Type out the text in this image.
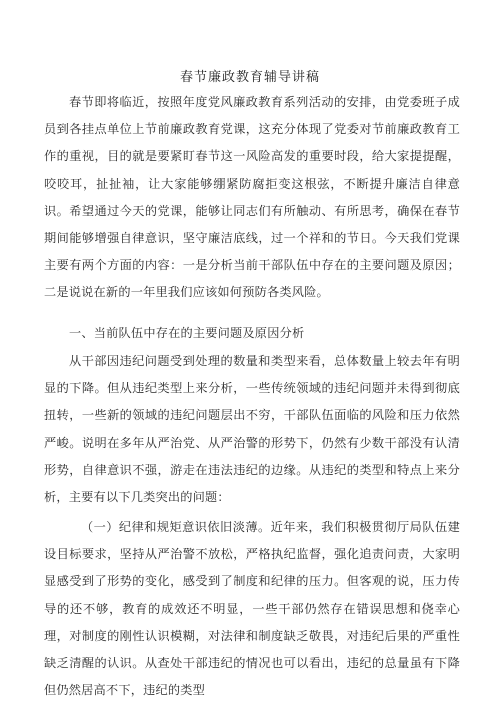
春节廉政教育辅导讲稿
春节即将临近，按照年度党风廉政教育系列活动的安排，由党委班子成员到各挂点单位上节前廉政教育党课，这充分体现了党委对节前廉政教育工作的重视，目的就是要紧盯春节这一风险高发的重要时段，给大家提提醒，咬咬耳，扯扯袖，让大家能够绷紧防腐拒变这根弦，不断提升廉洁自律意识。希望通过今天的党课，能够让同志们有所触动、有所思考，确保在春节期间能够增强自律意识，坚守廉洁底线，过一个祥和的节日。今天我们党课主要有两个方面的内容：一是分析当前干部队伍中存在的主要问题及原因；二是说说在新的一年里我们应该如何预防各类风险。
一、当前队伍中存在的主要问题及原因分析
从干部因违纪问题受到处理的数量和类型来看，总体数量上较去年有明显的下降。但从违纪类型上来分析，一些传统领域的违纪问题并未得到彻底扭转，一些新的领域的违纪问题层出不穷，干部队伍面临的风险和压力依然严峻。说明在多年从严治党、从严治警的形势下，仍然有少数干部没有认清形势，自律意识不强，游走在违法违纪的边缘。从违纪的类型和特点上来分析，主要有以下几类突出的问题：
（一）纪律和规矩意识依旧淡薄。近年来，我们积极贯彻厅局队伍建设目标要求，坚持从严治警不放松，严格执纪监督，强化追责问责，大家明显感受到了形势的变化，感受到了制度和纪律的压力。但客观的说，压力传导的还不够，教育的成效还不明显，一些干部仍然存在错误思想和侥幸心理，对制度的刚性认识模糊，对法律和制度缺乏敬畏，对违纪后果的严重性缺乏清醒的认识。从查处干部违纪的情况也可以看出，违纪的总量虽有下降但仍然居高不下，违纪的类型
